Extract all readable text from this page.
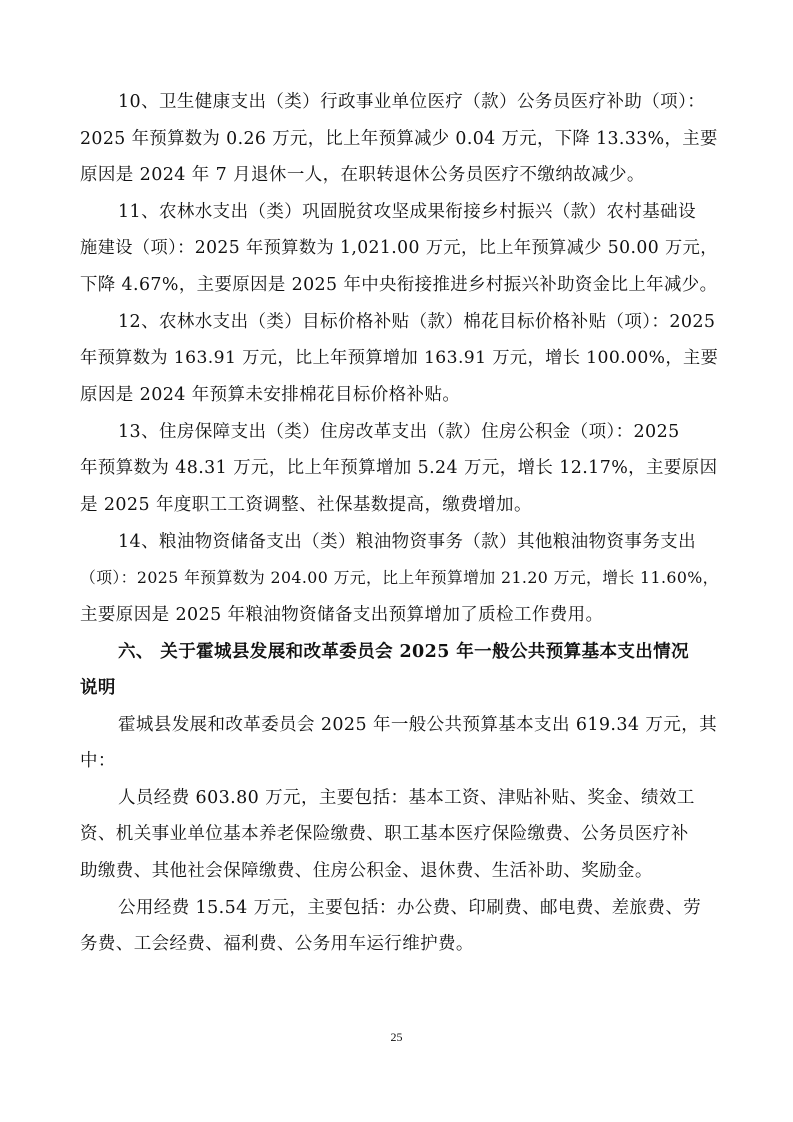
10、卫生健康支出（类）行政事业单位医疗（款）公务员医疗补助（项）：
2025 年预算数为 0.26 万元，比上年预算减少 0.04 万元，下降 13.33%，主要
原因是 2024 年 7 月退休一人，在职转退休公务员医疗不缴纳故减少。
11、农林水支出（类）巩固脱贫攻坚成果衔接乡村振兴（款）农村基础设
施建设（项）：2025 年预算数为 1,021.00 万元，比上年预算减少 50.00 万元，
下降 4.67%，主要原因是 2025 年中央衔接推进乡村振兴补助资金比上年减少。
12、农林水支出（类）目标价格补贴（款）棉花目标价格补贴（项）：2025
年预算数为 163.91 万元，比上年预算增加 163.91 万元，增长 100.00%，主要
原因是 2024 年预算未安排棉花目标价格补贴。
13、住房保障支出（类）住房改革支出（款）住房公积金（项）：2025
年预算数为 48.31 万元，比上年预算增加 5.24 万元，增长 12.17%，主要原因
是 2025 年度职工工资调整、社保基数提高，缴费增加。
14、粮油物资储备支出（类）粮油物资事务（款）其他粮油物资事务支出
（项）：2025 年预算数为 204.00 万元，比上年预算增加 21.20 万元，增长 11.60%，
主要原因是 2025 年粮油物资储备支出预算增加了质检工作费用。
六、 关于霍城县发展和改革委员会 2025 年一般公共预算基本支出情况
说明
霍城县发展和改革委员会 2025 年一般公共预算基本支出 619.34 万元，其
中：
人员经费 603.80 万元，主要包括：基本工资、津贴补贴、奖金、绩效工
资、机关事业单位基本养老保险缴费、职工基本医疗保险缴费、公务员医疗补
助缴费、其他社会保障缴费、住房公积金、退休费、生活补助、奖励金。
公用经费 15.54 万元，主要包括：办公费、印刷费、邮电费、差旅费、劳
务费、工会经费、福利费、公务用车运行维护费。
25
